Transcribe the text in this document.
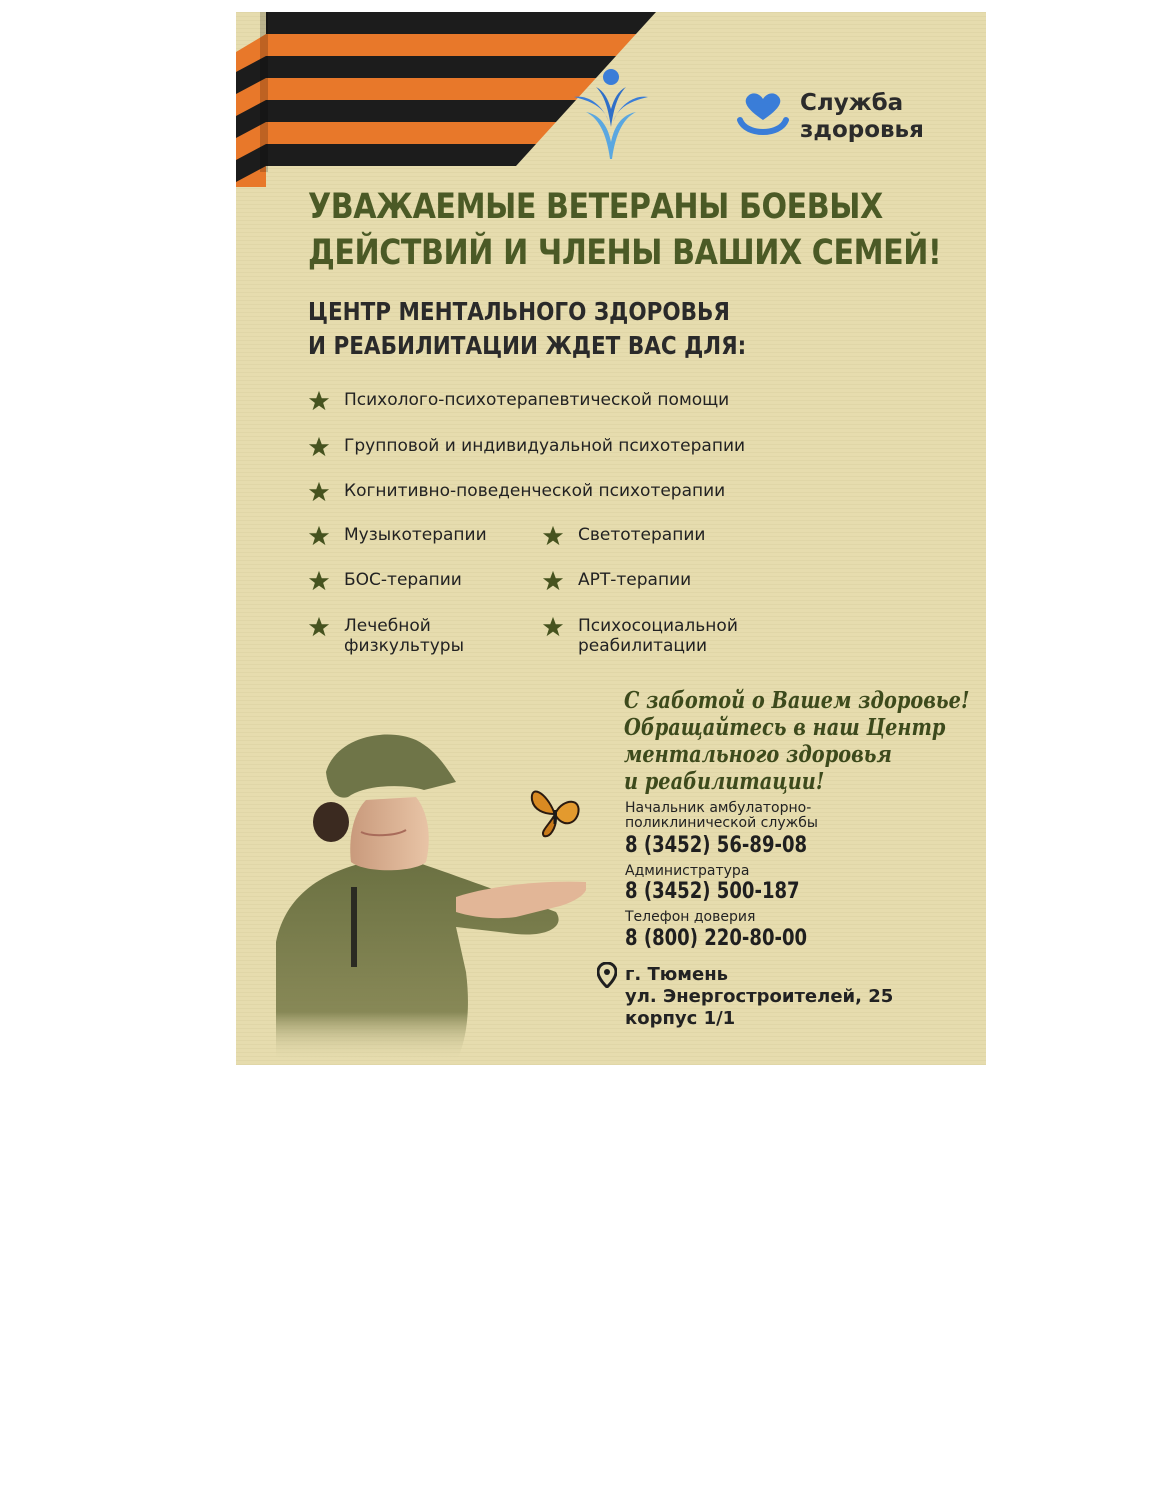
Служба
здоровья
УВАЖАЕМЫЕ ВЕТЕРАНЫ БОЕВЫХ
ДЕЙСТВИЙ И ЧЛЕНЫ ВАШИХ СЕМЕЙ!
ЦЕНТР МЕНТАЛЬНОГО ЗДОРОВЬЯ
И РЕАБИЛИТАЦИИ ЖДЕТ ВАС ДЛЯ:
Психолого-психотерапевтической помощи
Групповой и индивидуальной психотерапии
Когнитивно-поведенческой психотерапии
Музыкотерапии	Светотерапии
БОС-терапии	АРТ-терапии
Лечебной
физкультуры
Психосоциальной
реабилитации
С заботой о Вашем здоровье!
Обращайтесь в наш Центр
ментального здоровья
и реабилитации!
Начальник амбулаторно-
поликлинической службы
8 (3452) 56-89-08
Администратура
8 (3452) 500-187
Телефон доверия
8 (800) 220-80-00
г. Тюмень
ул. Энергостроителей, 25
корпус 1/1
